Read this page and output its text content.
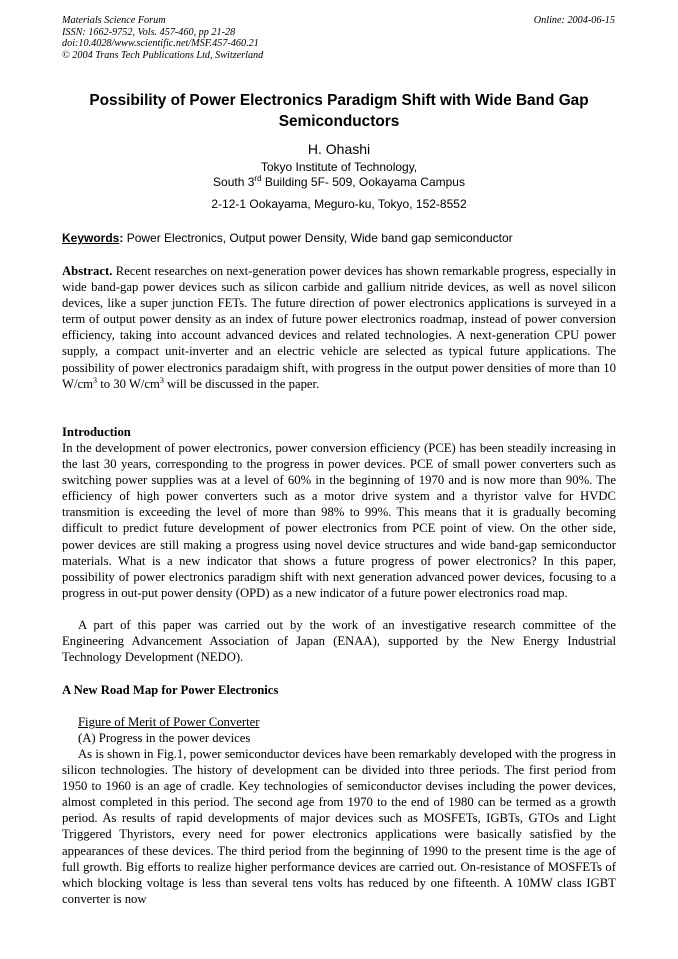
Materials Science Forum
ISSN: 1662-9752, Vols. 457-460, pp 21-28
doi:10.4028/www.scientific.net/MSF.457-460.21
© 2004 Trans Tech Publications Ltd, Switzerland
Online: 2004-06-15
Possibility of Power Electronics Paradigm Shift with Wide Band Gap Semiconductors
H. Ohashi
Tokyo Institute of Technology,
South 3rd Building 5F- 509, Ookayama Campus
2-12-1 Ookayama, Meguro-ku, Tokyo, 152-8552
Keywords: Power Electronics, Output power Density, Wide band gap semiconductor

Abstract. Recent researches on next-generation power devices has shown remarkable progress, especially in wide band-gap power devices such as silicon carbide and gallium nitride devices, as well as novel silicon devices, like a super junction FETs. The future direction of power electronics applications is surveyed in a term of output power density as an index of future power electronics roadmap, instead of power conversion efficiency, taking into account advanced devices and related technologies. A next-generation CPU power supply, a compact unit-inverter and an electric vehicle are selected as typical future applications. The possibility of power electronics paradaigm shift, with progress in the output power densities of more than 10 $W/cm^3$ to 30 $W/cm^3$ will be discussed in the paper.

Introduction

In the development of power electronics, power conversion efficiency (PCE) has been steadily increasing in the last 30 years, corresponding to the progress in power devices. PCE of small power converters such as switching power supplies was at a level of 60% in the beginning of 1970 and is now more than 90%. The efficiency of high power converters such as a motor drive system and a thyristor valve for HVDC transmition is exceeding the level of more than 98% to 99%. This means that it is gradually becoming difficult to predict future development of power electronics from PCE point of view. On the other side, power devices are still making a progress using novel device structures and wide band-gap semiconductor materials. What is a new indicator that shows a future progress of power electronics? In this paper, possibility of power electronics paradigm shift with next generation advanced power devices, focusing to a progress in out-put power density (OPD) as a new indicator of a future power electronics road map.

A part of this paper was carried out by the work of an investigative research committee of the Engineering Advancement Association of Japan (ENAA), supported by the New Energy Industrial Technology Development (NEDO).

A New Road Map for Power Electronics
Figure of Merit of Power Converter
(A) Progress in the power devices

As is shown in Fig.1, power semiconductor devices have been remarkably developed with the progress in silicon technologies. The history of development can be divided into three periods. The first period from 1950 to 1960 is an age of cradle. Key technologies of semiconductor devises including the power devices, almost completed in this period. The second age from 1970 to the end of 1980 can be termed as a growth period. As results of rapid developments of major devices such as MOSFETs, IGBTs, GTOs and Light Triggered Thyristors, every need for power electronics applications were basically satisfied by the appearances of these devices. The third period from the beginning of 1990 to the present time is the age of full growth. Big efforts to realize higher performance devices are carried out. On-resistance of MOSFETs of which blocking voltage is less than several tens volts has reduced by one fifteenth. A 10MW class IGBT converter is now
